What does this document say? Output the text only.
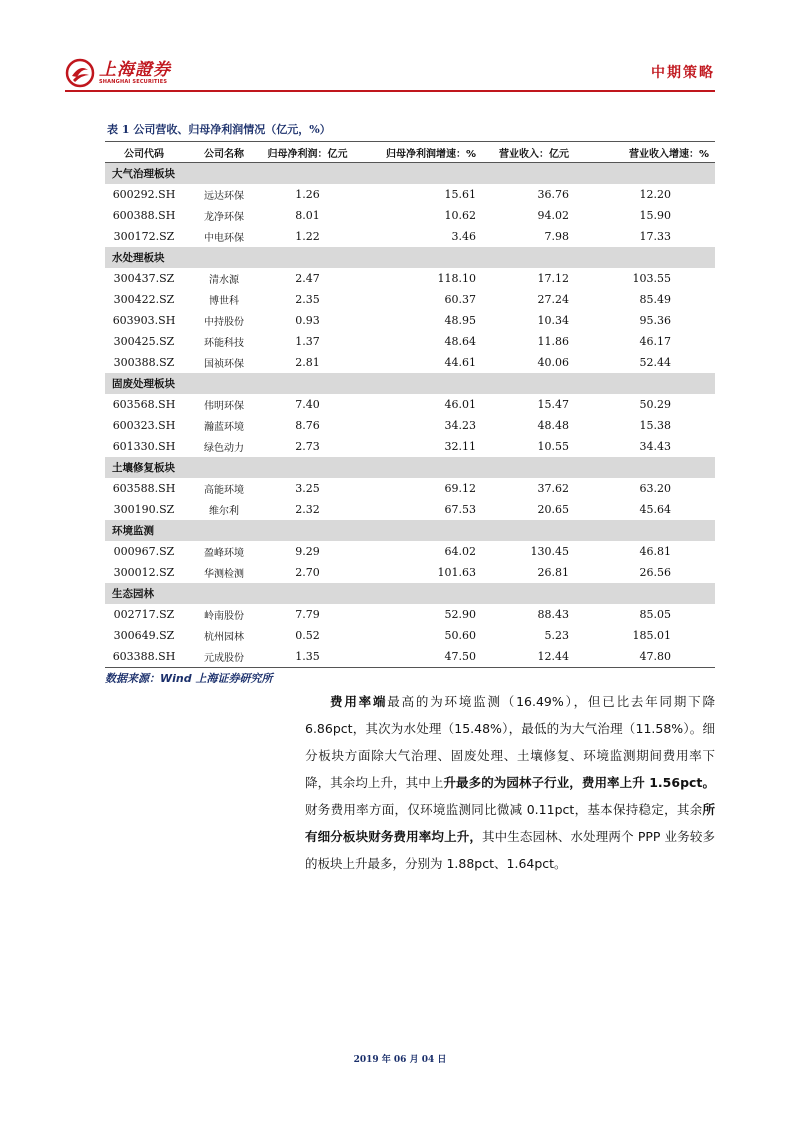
上海證券
SHANGHAI SECURITIES
中期策略
表 1 公司营收、归母净利润情况（亿元，%）
公司代码	公司名称	归母净利润：亿元	归母净利润增速：%	营业收入：亿元	营业收入增速：%
大气治理板块					
600292.SH	远达环保	1.26	15.61	36.76	12.20
600388.SH	龙净环保	8.01	10.62	94.02	15.90
300172.SZ	中电环保	1.22	3.46	7.98	17.33
水处理板块					
300437.SZ	清水源	2.47	118.10	17.12	103.55
300422.SZ	博世科	2.35	60.37	27.24	85.49
603903.SH	中持股份	0.93	48.95	10.34	95.36
300425.SZ	环能科技	1.37	48.64	11.86	46.17
300388.SZ	国祯环保	2.81	44.61	40.06	52.44
固废处理板块					
603568.SH	伟明环保	7.40	46.01	15.47	50.29
600323.SH	瀚蓝环境	8.76	34.23	48.48	15.38
601330.SH	绿色动力	2.73	32.11	10.55	34.43
土壤修复板块					
603588.SH	高能环境	3.25	69.12	37.62	63.20
300190.SZ	维尔利	2.32	67.53	20.65	45.64
环境监测					
000967.SZ	盈峰环境	9.29	64.02	130.45	46.81
300012.SZ	华测检测	2.70	101.63	26.81	26.56
生态园林					
002717.SZ	岭南股份	7.79	52.90	88.43	85.05
300649.SZ	杭州园林	0.52	50.60	5.23	185.01
603388.SH	元成股份	1.35	47.50	12.44	47.80
数据来源：Wind 上海证券研究所

费用率端最高的为环境监测（16.49%），但已比去年同期下降6.86pct，其次为水处理（15.48%），最低的为大气治理（11.58%）。细分板块方面除大气治理、固废处理、土壤修复、环境监测期间费用率下降，其余均上升，其中上升最多的为园林子行业，费用率上升 1.56pct。财务费用率方面，仅环境监测同比微减 0.11pct，基本保持稳定，其余所有细分板块财务费用率均上升，其中生态园林、水处理两个 PPP 业务较多的板块上升最多，分别为 1.88pct、1.64pct。

2019 年 06 月 04 日
